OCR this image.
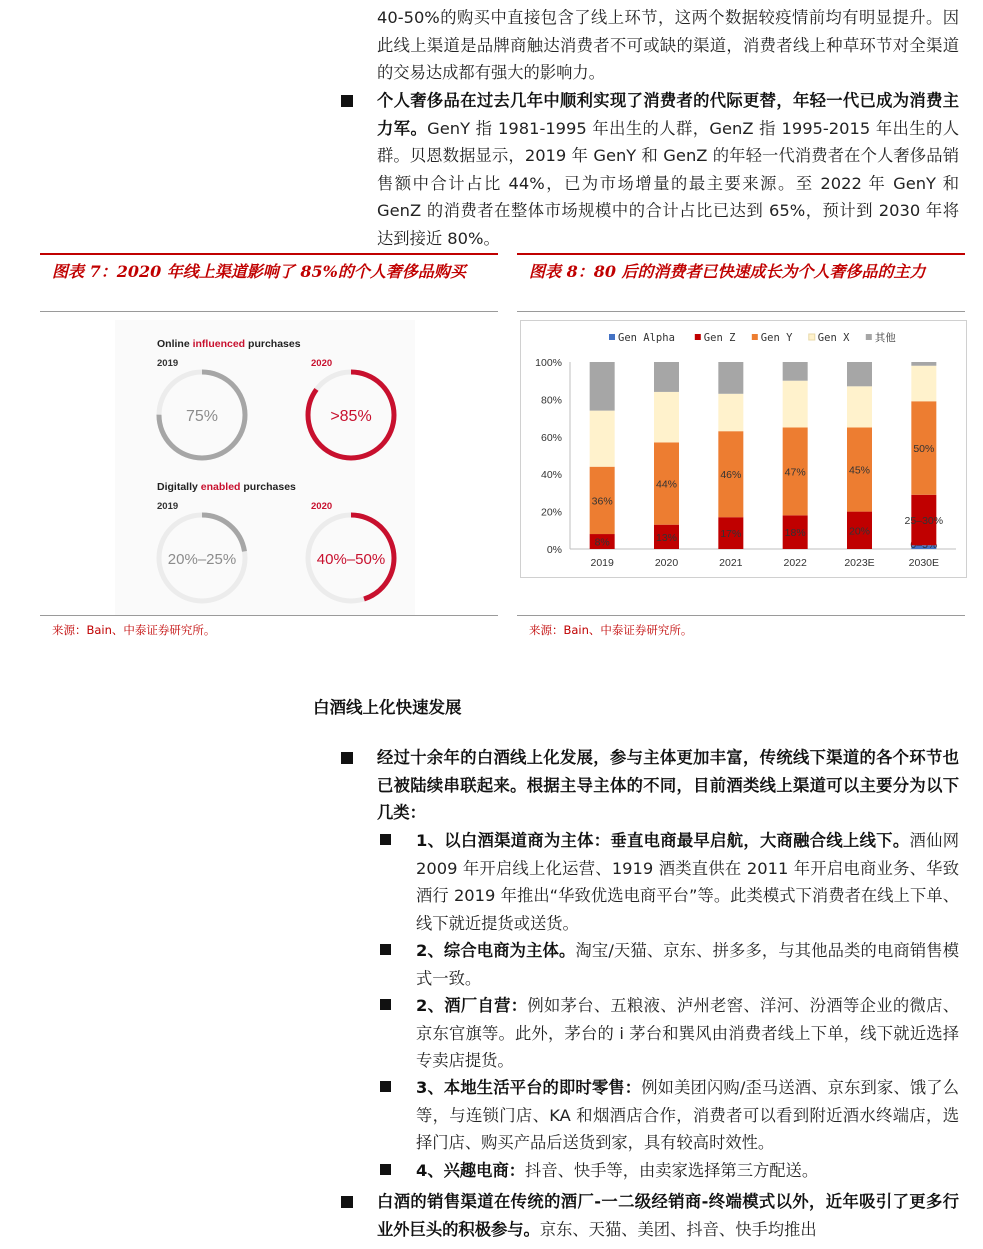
40-50%的购买中直接包含了线上环节，这两个数据较疫情前均有明显提升。因此线上渠道是品牌商触达消费者不可或缺的渠道，消费者线上种草环节对全渠道的交易达成都有强大的影响力。
个人奢侈品在过去几年中顺利实现了消费者的代际更替，年轻一代已成为消费主力军。GenY 指 1981-1995 年出生的人群，GenZ 指 1995-2015 年出生的人群。贝恩数据显示，2019 年 GenY 和 GenZ 的年轻一代消费者在个人奢侈品销售额中合计占比 44%，已为市场增量的最主要来源。至 2022 年 GenY 和 GenZ 的消费者在整体市场规模中的合计占比已达到 65%，预计到 2030 年将达到接近 80%。
图表 7：2020 年线上渠道影响了 85%的个人奢侈品购买
Online influenced purchases
2019	2020
75%	>85%
Digitally enabled purchases
2019	2020
20%–25%	40%–50%
来源：Bain、中泰证券研究所。
图表 8：80 后的消费者已快速成长为个人奢侈品的主力
0%
20%
40%
60%
80%
100%
Gen Alpha	Gen Z Gen Y Gen X 其他
8%
36%
2019
13%
44%
2020
17%
46%
2021
18%
47%
2022
20%
45%
2023E
25–30%
50%
2030E
来源：Bain、中泰证券研究所。
白酒线上化快速发展
经过十余年的白酒线上化发展，参与主体更加丰富，传统线下渠道的各个环节也已被陆续串联起来。根据主导主体的不同，目前酒类线上渠道可以主要分为以下几类：
1、以白酒渠道商为主体：垂直电商最早启航，大商融合线上线下。酒仙网 2009 年开启线上化运营、1919 酒类直供在 2011 年开启电商业务、华致酒行 2019 年推出“华致优选电商平台”等。此类模式下消费者在线上下单、线下就近提货或送货。
2、综合电商为主体。淘宝/天猫、京东、拼多多，与其他品类的电商销售模式一致。
2、酒厂自营：例如茅台、五粮液、泸州老窖、洋河、汾酒等企业的微店、京东官旗等。此外，茅台的 i 茅台和巽风由消费者线上下单，线下就近选择专卖店提货。
3、本地生活平台的即时零售：例如美团闪购/歪马送酒、京东到家、饿了么等，与连锁门店、KA 和烟酒店合作，消费者可以看到附近酒水终端店，选择门店、购买产品后送货到家，具有较高时效性。
4、兴趣电商：抖音、快手等，由卖家选择第三方配送。
白酒的销售渠道在传统的酒厂-一二级经销商-终端模式以外，近年吸引了更多行业外巨头的积极参与。京东、天猫、美团、抖音、快手均推出
